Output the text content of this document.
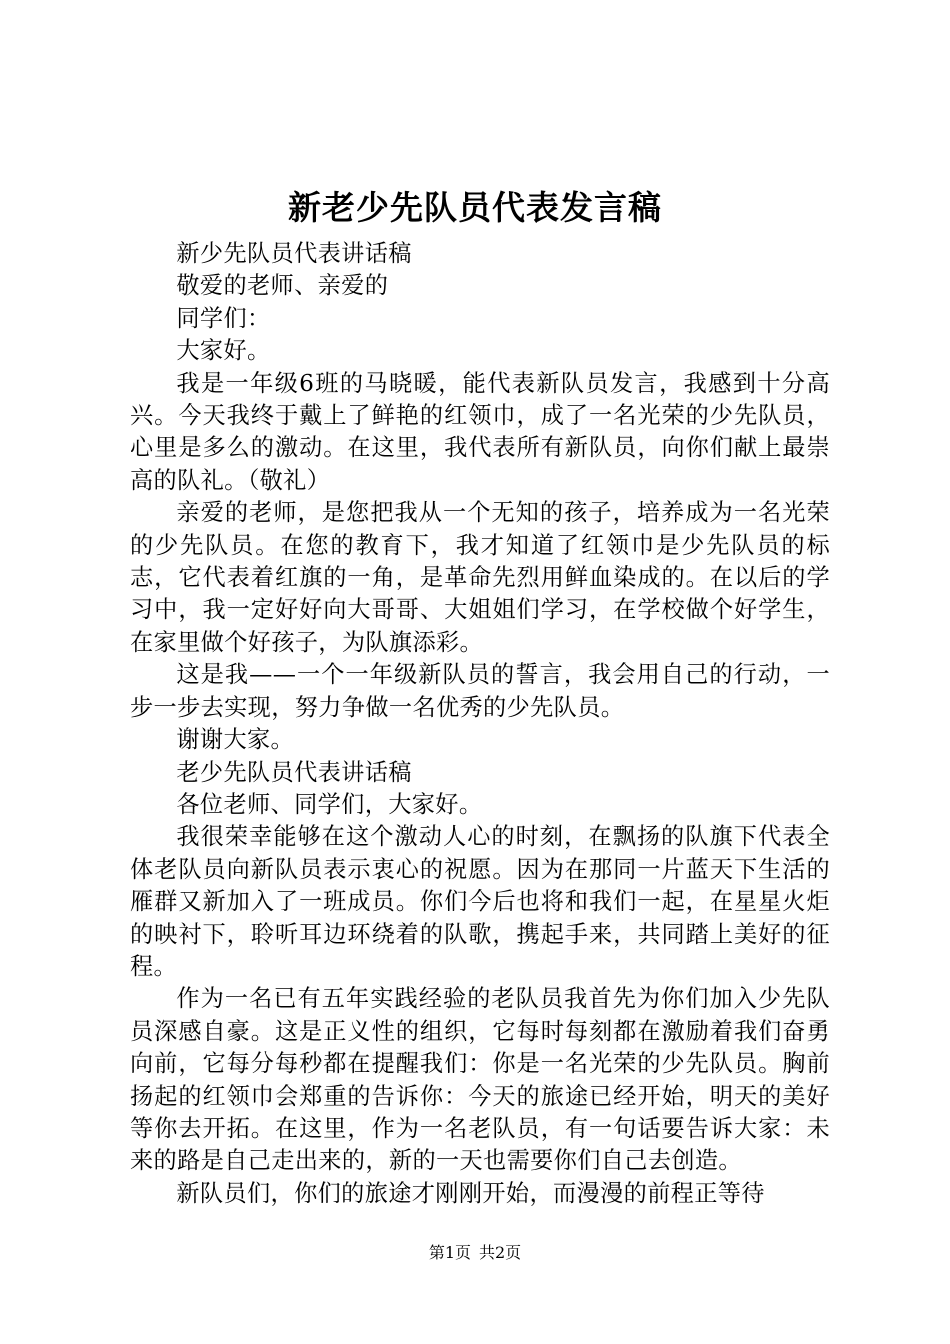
新老少先队员代表发言稿

新少先队员代表讲话稿

敬爱的老师、亲爱的

同学们：

大家好。

我是一年级6班的马晓暖，能代表新队员发言，我感到十分高兴。今天我终于戴上了鲜艳的红领巾，成了一名光荣的少先队员，心里是多么的激动。在这里，我代表所有新队员，向你们献上最崇高的队礼。（敬礼）

亲爱的老师，是您把我从一个无知的孩子，培养成为一名光荣的少先队员。在您的教育下，我才知道了红领巾是少先队员的标志，它代表着红旗的一角，是革命先烈用鲜血染成的。在以后的学习中，我一定好好向大哥哥、大姐姐们学习，在学校做个好学生，在家里做个好孩子，为队旗添彩。

这是我——一个一年级新队员的誓言，我会用自己的行动，一步一步去实现，努力争做一名优秀的少先队员。

谢谢大家。

老少先队员代表讲话稿

各位老师、同学们，大家好。

我很荣幸能够在这个激动人心的时刻，在飘扬的队旗下代表全体老队员向新队员表示衷心的祝愿。因为在那同一片蓝天下生活的雁群又新加入了一班成员。你们今后也将和我们一起，在星星火炬的映衬下，聆听耳边环绕着的队歌，携起手来，共同踏上美好的征程。

作为一名已有五年实践经验的老队员我首先为你们加入少先队员深感自豪。这是正义性的组织，它每时每刻都在激励着我们奋勇向前，它每分每秒都在提醒我们：你是一名光荣的少先队员。胸前扬起的红领巾会郑重的告诉你：今天的旅途已经开始，明天的美好等你去开拓。在这里，作为一名老队员，有一句话要告诉大家：未来的路是自己走出来的，新的一天也需要你们自己去创造。

新队员们，你们的旅途才刚刚开始，而漫漫的前程正等待

第1页 共2页
